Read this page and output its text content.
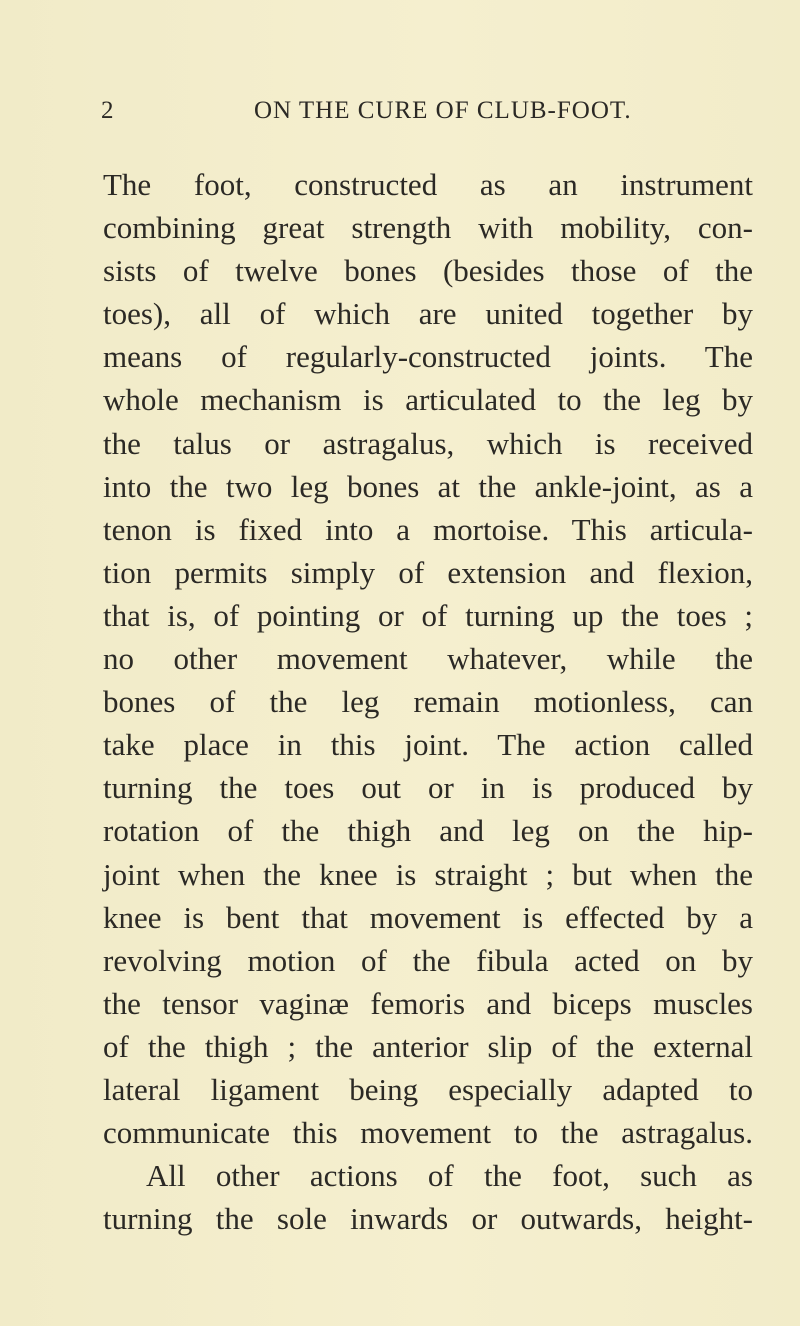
2	ON THE CURE OF CLUB-FOOT.
The foot, constructed as an instrument
combining great strength with mobility, con-
sists of twelve bones (besides those of the
toes), all of which are united together by
means of regularly-constructed joints. The
whole mechanism is articulated to the leg by
the talus or astragalus, which is received
into the two leg bones at the ankle-joint, as a
tenon is fixed into a mortoise. This articula-
tion permits simply of extension and flexion,
that is, of pointing or of turning up the toes ;
no other movement whatever, while the
bones of the leg remain motionless, can
take place in this joint. The action called
turning the toes out or in is produced by
rotation of the thigh and leg on the hip-
joint when the knee is straight ; but when the
knee is bent that movement is effected by a
revolving motion of the fibula acted on by
the tensor vaginæ femoris and biceps muscles
of the thigh ; the anterior slip of the external
lateral ligament being especially adapted to
communicate this movement to the astragalus.
All other actions of the foot, such as
turning the sole inwards or outwards, height-
